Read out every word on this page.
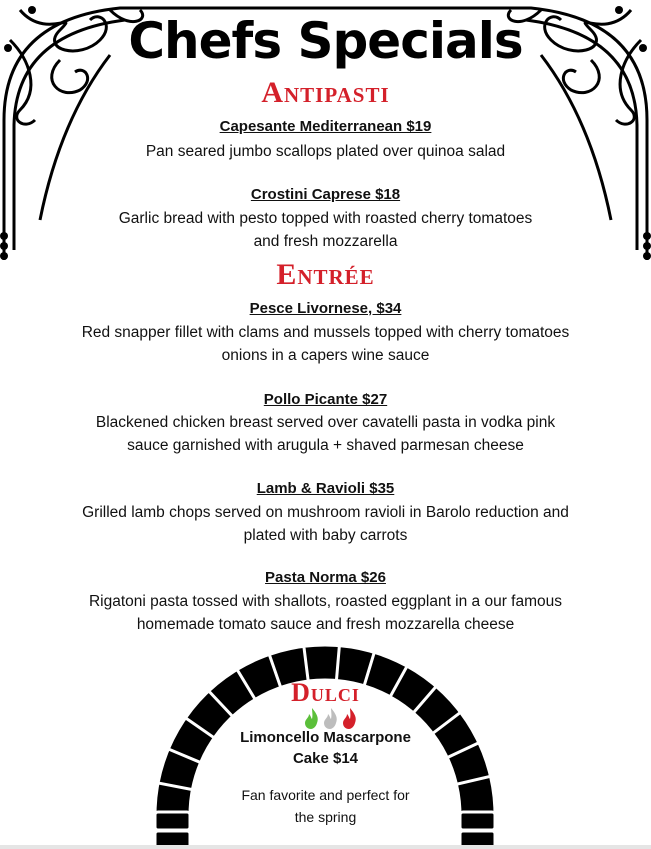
Chefs Specials
Antipasti
Capesante Mediterranean $19
Pan seared jumbo scallops plated over quinoa salad
Crostini Caprese $18
Garlic bread with pesto topped with roasted cherry tomatoes
and fresh mozzarella
Entrée
Pesce Livornese, $34
Red snapper fillet with clams and mussels topped with cherry tomatoes
onions in a capers wine sauce
Pollo Picante $27
Blackened chicken breast served over cavatelli pasta in vodka pink
sauce garnished with arugula + shaved parmesan cheese
Lamb & Ravioli $35
Grilled lamb chops served on mushroom ravioli in Barolo reduction and
plated with baby carrots
Pasta Norma $26
Rigatoni pasta tossed with shallots, roasted eggplant in a our famous
homemade tomato sauce and fresh mozzarella cheese
Dulci
Limoncello Mascarpone
Cake $14
Fan favorite and perfect for
the spring
